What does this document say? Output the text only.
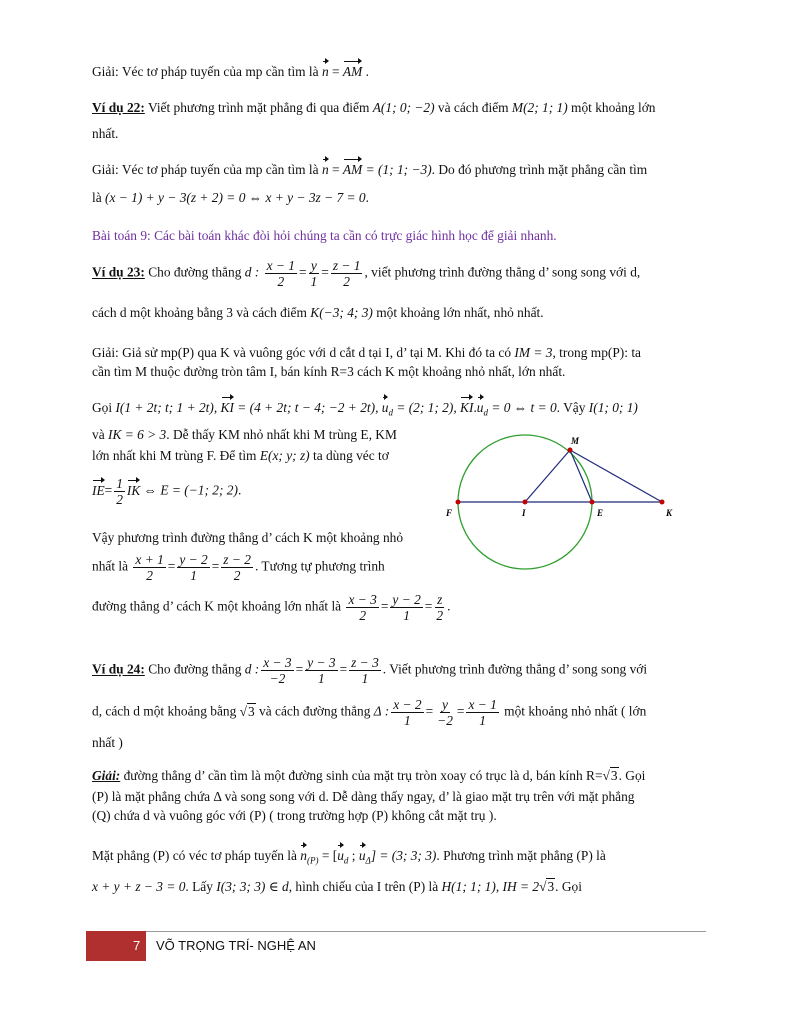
Giải: Véc tơ pháp tuyến của mp cần tìm là n = AM .
Ví dụ 22: Viết phương trình mặt phẳng đi qua điểm A(1; 0; −2) và cách điểm M(2; 1; 1) một khoảng lớn
nhất.
Giải: Véc tơ pháp tuyến của mp cần tìm là n = AM = (1; 1; −3). Do đó phương trình mặt phẳng cần tìm
là (x − 1) + y − 3(z + 2) = 0 ⇔ x + y − 3z − 7 = 0.
Bài toán 9: Các bài toán khác đòi hỏi chúng ta cần có trực giác hình học để giải nhanh.
Ví dụ 23: Cho đường thẳng d : $\frac{x - 1}{2} = \frac{y}{1} = \frac{z - 1}{2}$ , viết phương trình đường thẳng d’ song song với d,
cách d một khoảng bằng 3 và cách điểm K(−3; 4; 3) một khoảng lớn nhất, nhỏ nhất.
Giải: Giả sử mp(P) qua K và vuông góc với d cắt d tại I, d’ tại M. Khi đó ta có IM = 3, trong mp(P): ta
cần tìm M thuộc đường tròn tâm I, bán kính R=3 cách K một khoảng nhỏ nhất, lớn nhất.
Gọi I(1 + 2t; t; 1 + 2t), KI = (4 + 2t; t − 4; −2 + 2t), $u_d = (2$; 1; 2), $KI.u_d = 0$ ⇔ t = 0. Vậy I(1; 0; 1)
và IK = 6 > 3. Dễ thấy KM nhỏ nhất khi M trùng E, KM
lớn nhất khi M trùng F. Để tìm E(x; y; z) ta dùng véc tơ
$IE= \frac{1}{2}$ IK ⇔ E = (−1; 2; 2).
Vậy phương trình đường thẳng d’ cách K một khoảng nhỏ
nhất là $\frac{x + 1}{2} = \frac{y - 2}{1} = \frac{z - 2}{2}$ . Tương tự phương trình
đường thẳng d’ cách K một khoảng lớn nhất là $\frac{x - 3}{2} = \frac{y - 2}{1} = \frac{z}{2}$ .
M
F	I	E	K
Ví dụ 24: Cho đường thẳng d : $\frac{x - 3}{-2} = \frac{y - 3}{1} = \frac{z - 3}{1}$ . Viết phương trình đường thẳng d’ song song với
d, cách d một khoảng bằng √3 và cách đường thẳng Δ : $\frac{x - 2}{1} = \frac{y}{-2} = \frac{x - 1}{1}$ một khoảng nhỏ nhất ( lớn
nhất )
Giải: đường thẳng d’ cần tìm là một đường sinh của mặt trụ tròn xoay có trục là d, bán kính R=√3. Gọi
(P) là mặt phẳng chứa Δ và song song với d. Dễ dàng thấy ngay, d’ là giao mặt trụ trên với mặt phẳng
(Q) chứa d và vuông góc với (P) ( trong trường hợp (P) không cắt mặt trụ ).
Mặt phẳng (P) có véc tơ pháp tuyến là $n_{(P)} = [u_d$ ; $u_\Delta] = (3$; 3; 3). Phương trình mặt phẳng (P) là
x + y + z − 3 = 0. Lấy I(3; 3; 3) ∈ d, hình chiếu của I trên (P) là H(1; 1; 1), IH = 2√3. Gọi
7 VÕ TRỌNG TRÍ- NGHỆ AN
